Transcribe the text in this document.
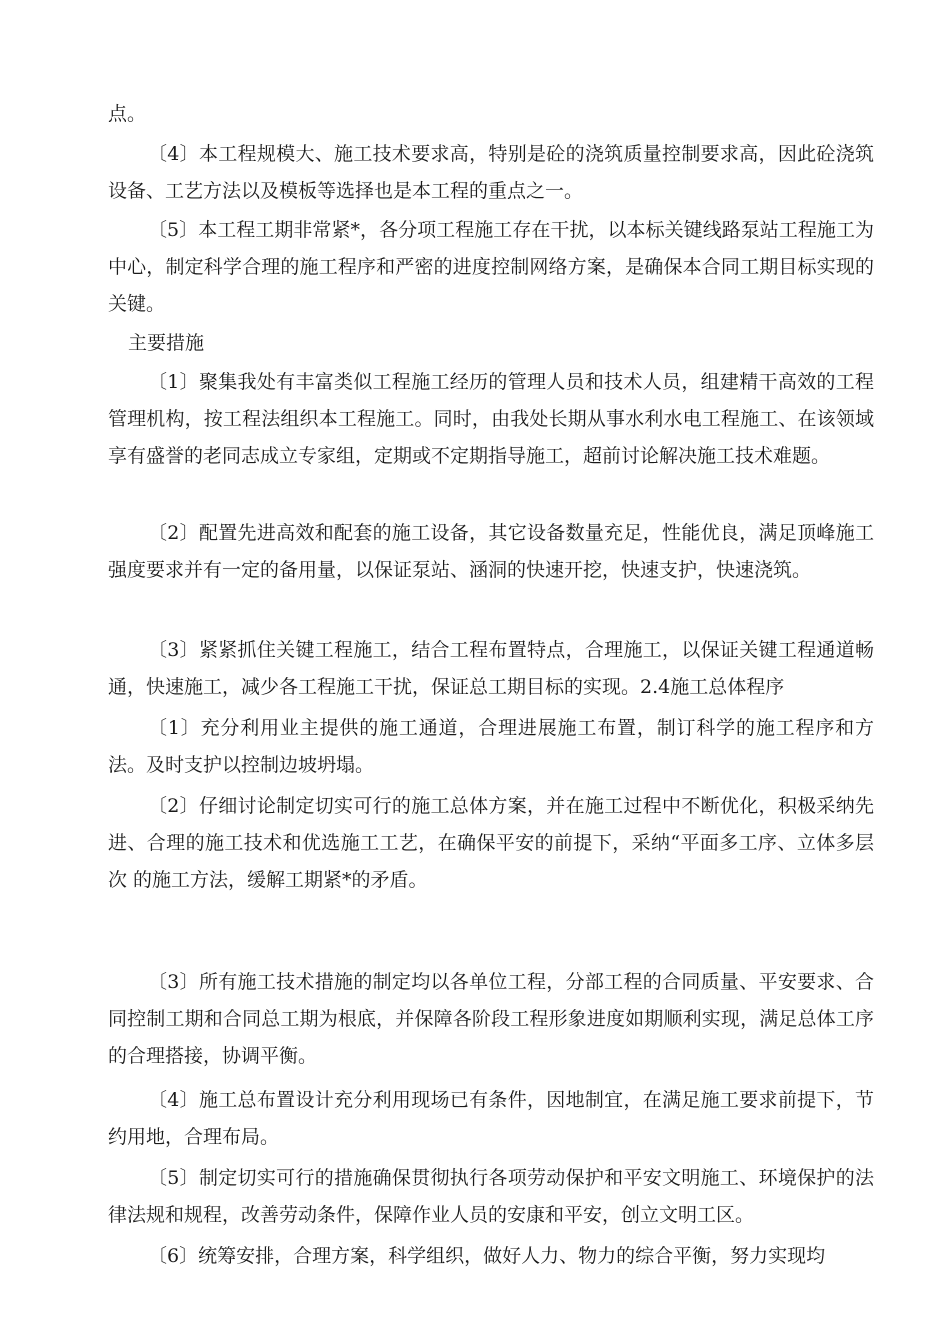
点。

〔4〕本工程规模大、施工技术要求高，特别是砼的浇筑质量控制要求高，因此砼浇筑设备、工艺方法以及模板等选择也是本工程的重点之一。

〔5〕本工程工期非常紧*，各分项工程施工存在干扰，以本标关键线路泵站工程施工为中心，制定科学合理的施工程序和严密的进度控制网络方案，是确保本合同工期目标实现的关键。

主要措施

〔1〕聚集我处有丰富类似工程施工经历的管理人员和技术人员，组建精干高效的工程管理机构，按工程法组织本工程施工。同时，由我处长期从事水利水电工程施工、在该领域享有盛誉的老同志成立专家组，定期或不定期指导施工，超前讨论解决施工技术难题。

〔2〕配置先进高效和配套的施工设备，其它设备数量充足，性能优良，满足顶峰施工强度要求并有一定的备用量，以保证泵站、涵洞的快速开挖，快速支护，快速浇筑。

〔3〕紧紧抓住关键工程施工，结合工程布置特点，合理施工，以保证关键工程通道畅通，快速施工，减少各工程施工干扰，保证总工期目标的实现。2.4施工总体程序

〔1〕充分利用业主提供的施工通道，合理进展施工布置，制订科学的施工程序和方法。及时支护以控制边坡坍塌。

〔2〕仔细讨论制定切实可行的施工总体方案，并在施工过程中不断优化，积极采纳先进、合理的施工技术和优选施工工艺，在确保平安的前提下，采纳“平面多工序、立体多层次 的施工方法，缓解工期紧*的矛盾。

〔3〕所有施工技术措施的制定均以各单位工程，分部工程的合同质量、平安要求、合同控制工期和合同总工期为根底，并保障各阶段工程形象进度如期顺利实现，满足总体工序的合理搭接，协调平衡。

〔4〕施工总布置设计充分利用现场已有条件，因地制宜，在满足施工要求前提下，节约用地，合理布局。

〔5〕制定切实可行的措施确保贯彻执行各项劳动保护和平安文明施工、环境保护的法律法规和规程，改善劳动条件，保障作业人员的安康和平安，创立文明工区。

〔6〕统筹安排，合理方案，科学组织，做好人力、物力的综合平衡，努力实现均
